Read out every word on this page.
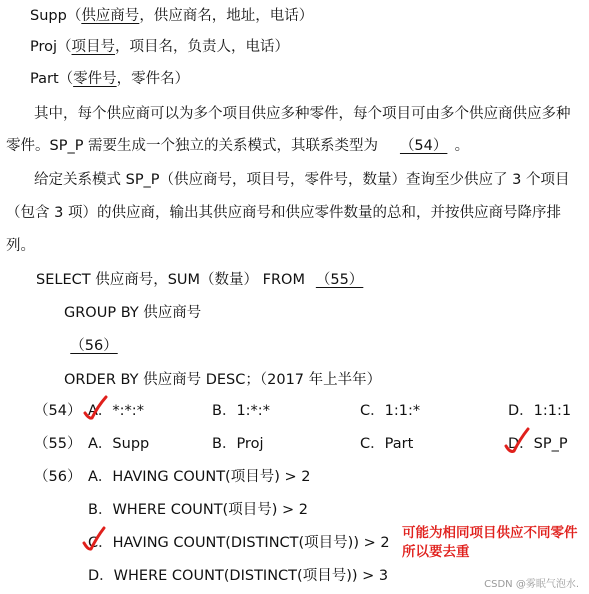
Supp（供应商号，供应商名，地址，电话）
Proj（项目号，项目名，负责人，电话）
Part（零件号，零件名）
其中，每个供应商可以为多个项目供应多种零件，每个项目可由多个供应商供应多种
零件。SP_P 需要生成一个独立的关系模式，其联系类型为 （54） 。
给定关系模式 SP_P（供应商号，项目号，零件号，数量）查询至少供应了 3 个项目
（包含 3 项）的供应商，输出其供应商号和供应零件数量的总和，并按供应商号降序排
列。
SELECT 供应商号，SUM（数量） FROM （55）
GROUP BY 供应商号
（56）
ORDER BY 供应商号 DESC；（2017 年上半年）
（54） A．*:*:*	B．1:*:*	C．1:1:*	D．1:1:1
（55） A．Supp	B．Proj	C．Part	D．SP_P
（56） A．HAVING COUNT(项目号) > 2
B．WHERE COUNT(项目号) > 2
C．HAVING COUNT(DISTINCT(项目号)) > 2
D．WHERE COUNT(DISTINCT(项目号)) > 3
可能为相同项目供应不同零件
所以要去重
CSDN @雾眠气泡水.
